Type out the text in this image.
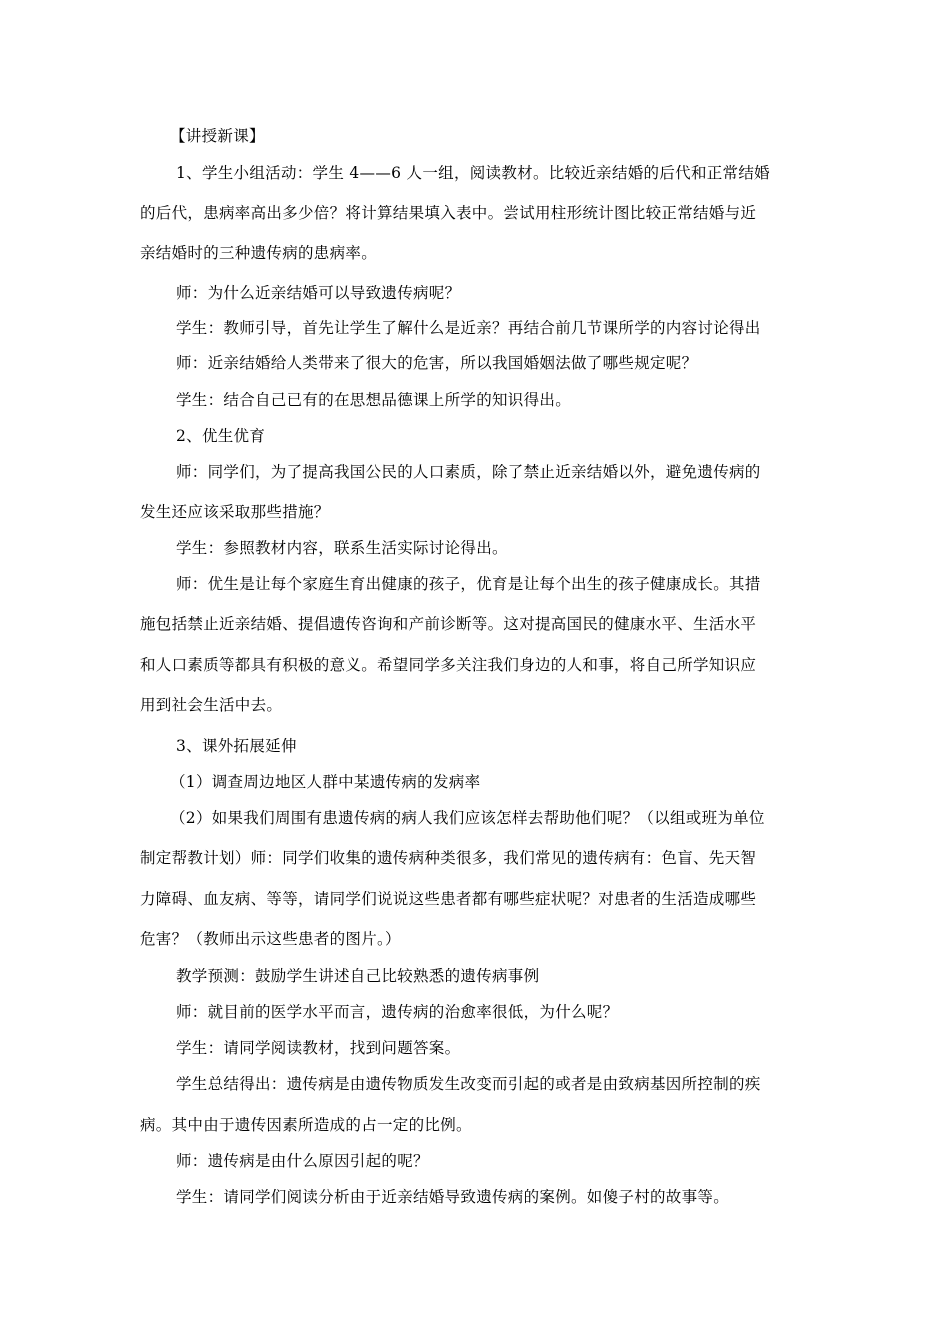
【讲授新课】
1、学生小组活动：学生 4——6 人一组，阅读教材。比较近亲结婚的后代和正常结婚
的后代，患病率高出多少倍？将计算结果填入表中。尝试用柱形统计图比较正常结婚与近
亲结婚时的三种遗传病的患病率。
师：为什么近亲结婚可以导致遗传病呢？
学生：教师引导，首先让学生了解什么是近亲？再结合前几节课所学的内容讨论得出
师：近亲结婚给人类带来了很大的危害，所以我国婚姻法做了哪些规定呢？
学生：结合自己已有的在思想品德课上所学的知识得出。
2、优生优育
师：同学们，为了提高我国公民的人口素质，除了禁止近亲结婚以外，避免遗传病的
发生还应该采取那些措施？
学生：参照教材内容，联系生活实际讨论得出。
师：优生是让每个家庭生育出健康的孩子，优育是让每个出生的孩子健康成长。其措
施包括禁止近亲结婚、提倡遗传咨询和产前诊断等。这对提高国民的健康水平、生活水平
和人口素质等都具有积极的意义。希望同学多关注我们身边的人和事，将自己所学知识应
用到社会生活中去。
3、课外拓展延伸
（1）调查周边地区人群中某遗传病的发病率
（2）如果我们周围有患遗传病的病人我们应该怎样去帮助他们呢？（以组或班为单位
制定帮教计划）师：同学们收集的遗传病种类很多，我们常见的遗传病有：色盲、先天智
力障碍、血友病、等等，请同学们说说这些患者都有哪些症状呢？对患者的生活造成哪些
危害？（教师出示这些患者的图片。）
教学预测：鼓励学生讲述自己比较熟悉的遗传病事例
师：就目前的医学水平而言，遗传病的治愈率很低，为什么呢？
学生：请同学阅读教材，找到问题答案。
学生总结得出：遗传病是由遗传物质发生改变而引起的或者是由致病基因所控制的疾
病。其中由于遗传因素所造成的占一定的比例。
师：遗传病是由什么原因引起的呢？
学生：请同学们阅读分析由于近亲结婚导致遗传病的案例。如傻子村的故事等。
